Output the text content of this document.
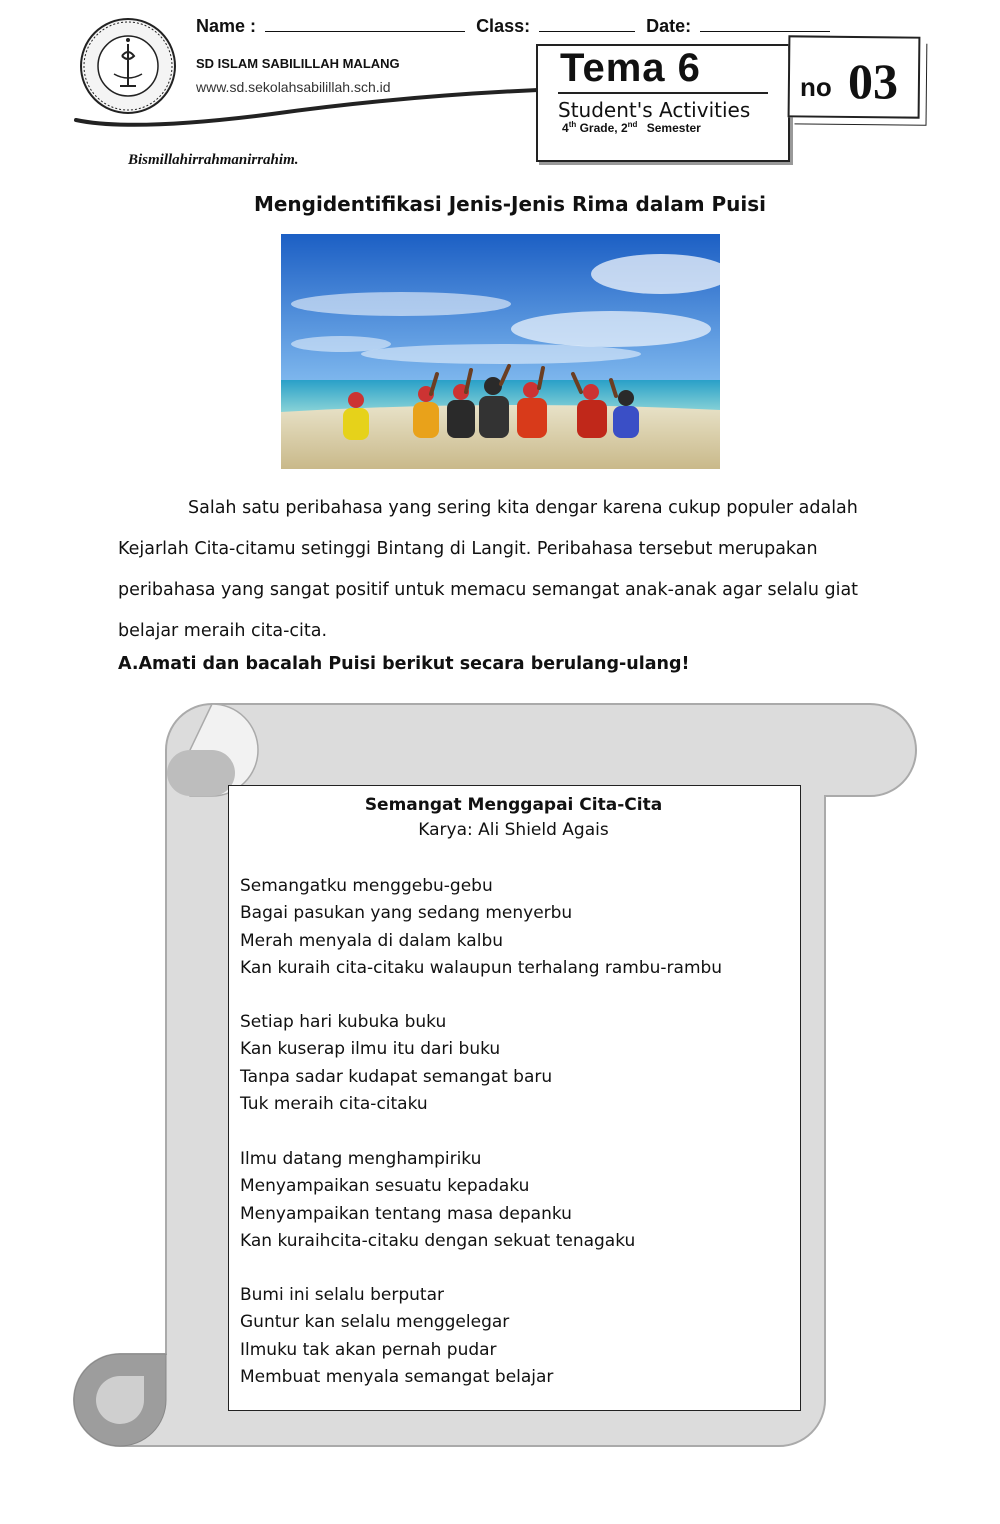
Name :	Class:	Date:
SD ISLAM SABILILLAH MALANG
www.sd.sekolahsabilillah.sch.id	Tema 6
Student's Activities
4th Grade, 2nd Semester
no 03
Bismillahirrahmanirrahim.
Mengidentifikasi Jenis-Jenis Rima dalam Puisi
Salah satu peribahasa yang sering kita dengar karena cukup populer adalah
Kejarlah Cita-citamu setinggi Bintang di Langit. Peribahasa tersebut merupakan
peribahasa yang sangat positif untuk memacu semangat anak-anak agar selalu giat
belajar meraih cita-cita.
A.Amati dan bacalah Puisi berikut secara berulang-ulang!
Semangat Menggapai Cita-Cita
Karya: Ali Shield Agais
Semangatku menggebu-gebu
Bagai pasukan yang sedang menyerbu
Merah menyala di dalam kalbu
Kan kuraih cita-citaku walaupun terhalang rambu-rambu
Setiap hari kubuka buku
Kan kuserap ilmu itu dari buku
Tanpa sadar kudapat semangat baru
Tuk meraih cita-citaku
Ilmu datang menghampiriku
Menyampaikan sesuatu kepadaku
Menyampaikan tentang masa depanku
Kan kuraihcita-citaku dengan sekuat tenagaku
Bumi ini selalu berputar
Guntur kan selalu menggelegar
Ilmuku tak akan pernah pudar
Membuat menyala semangat belajar
